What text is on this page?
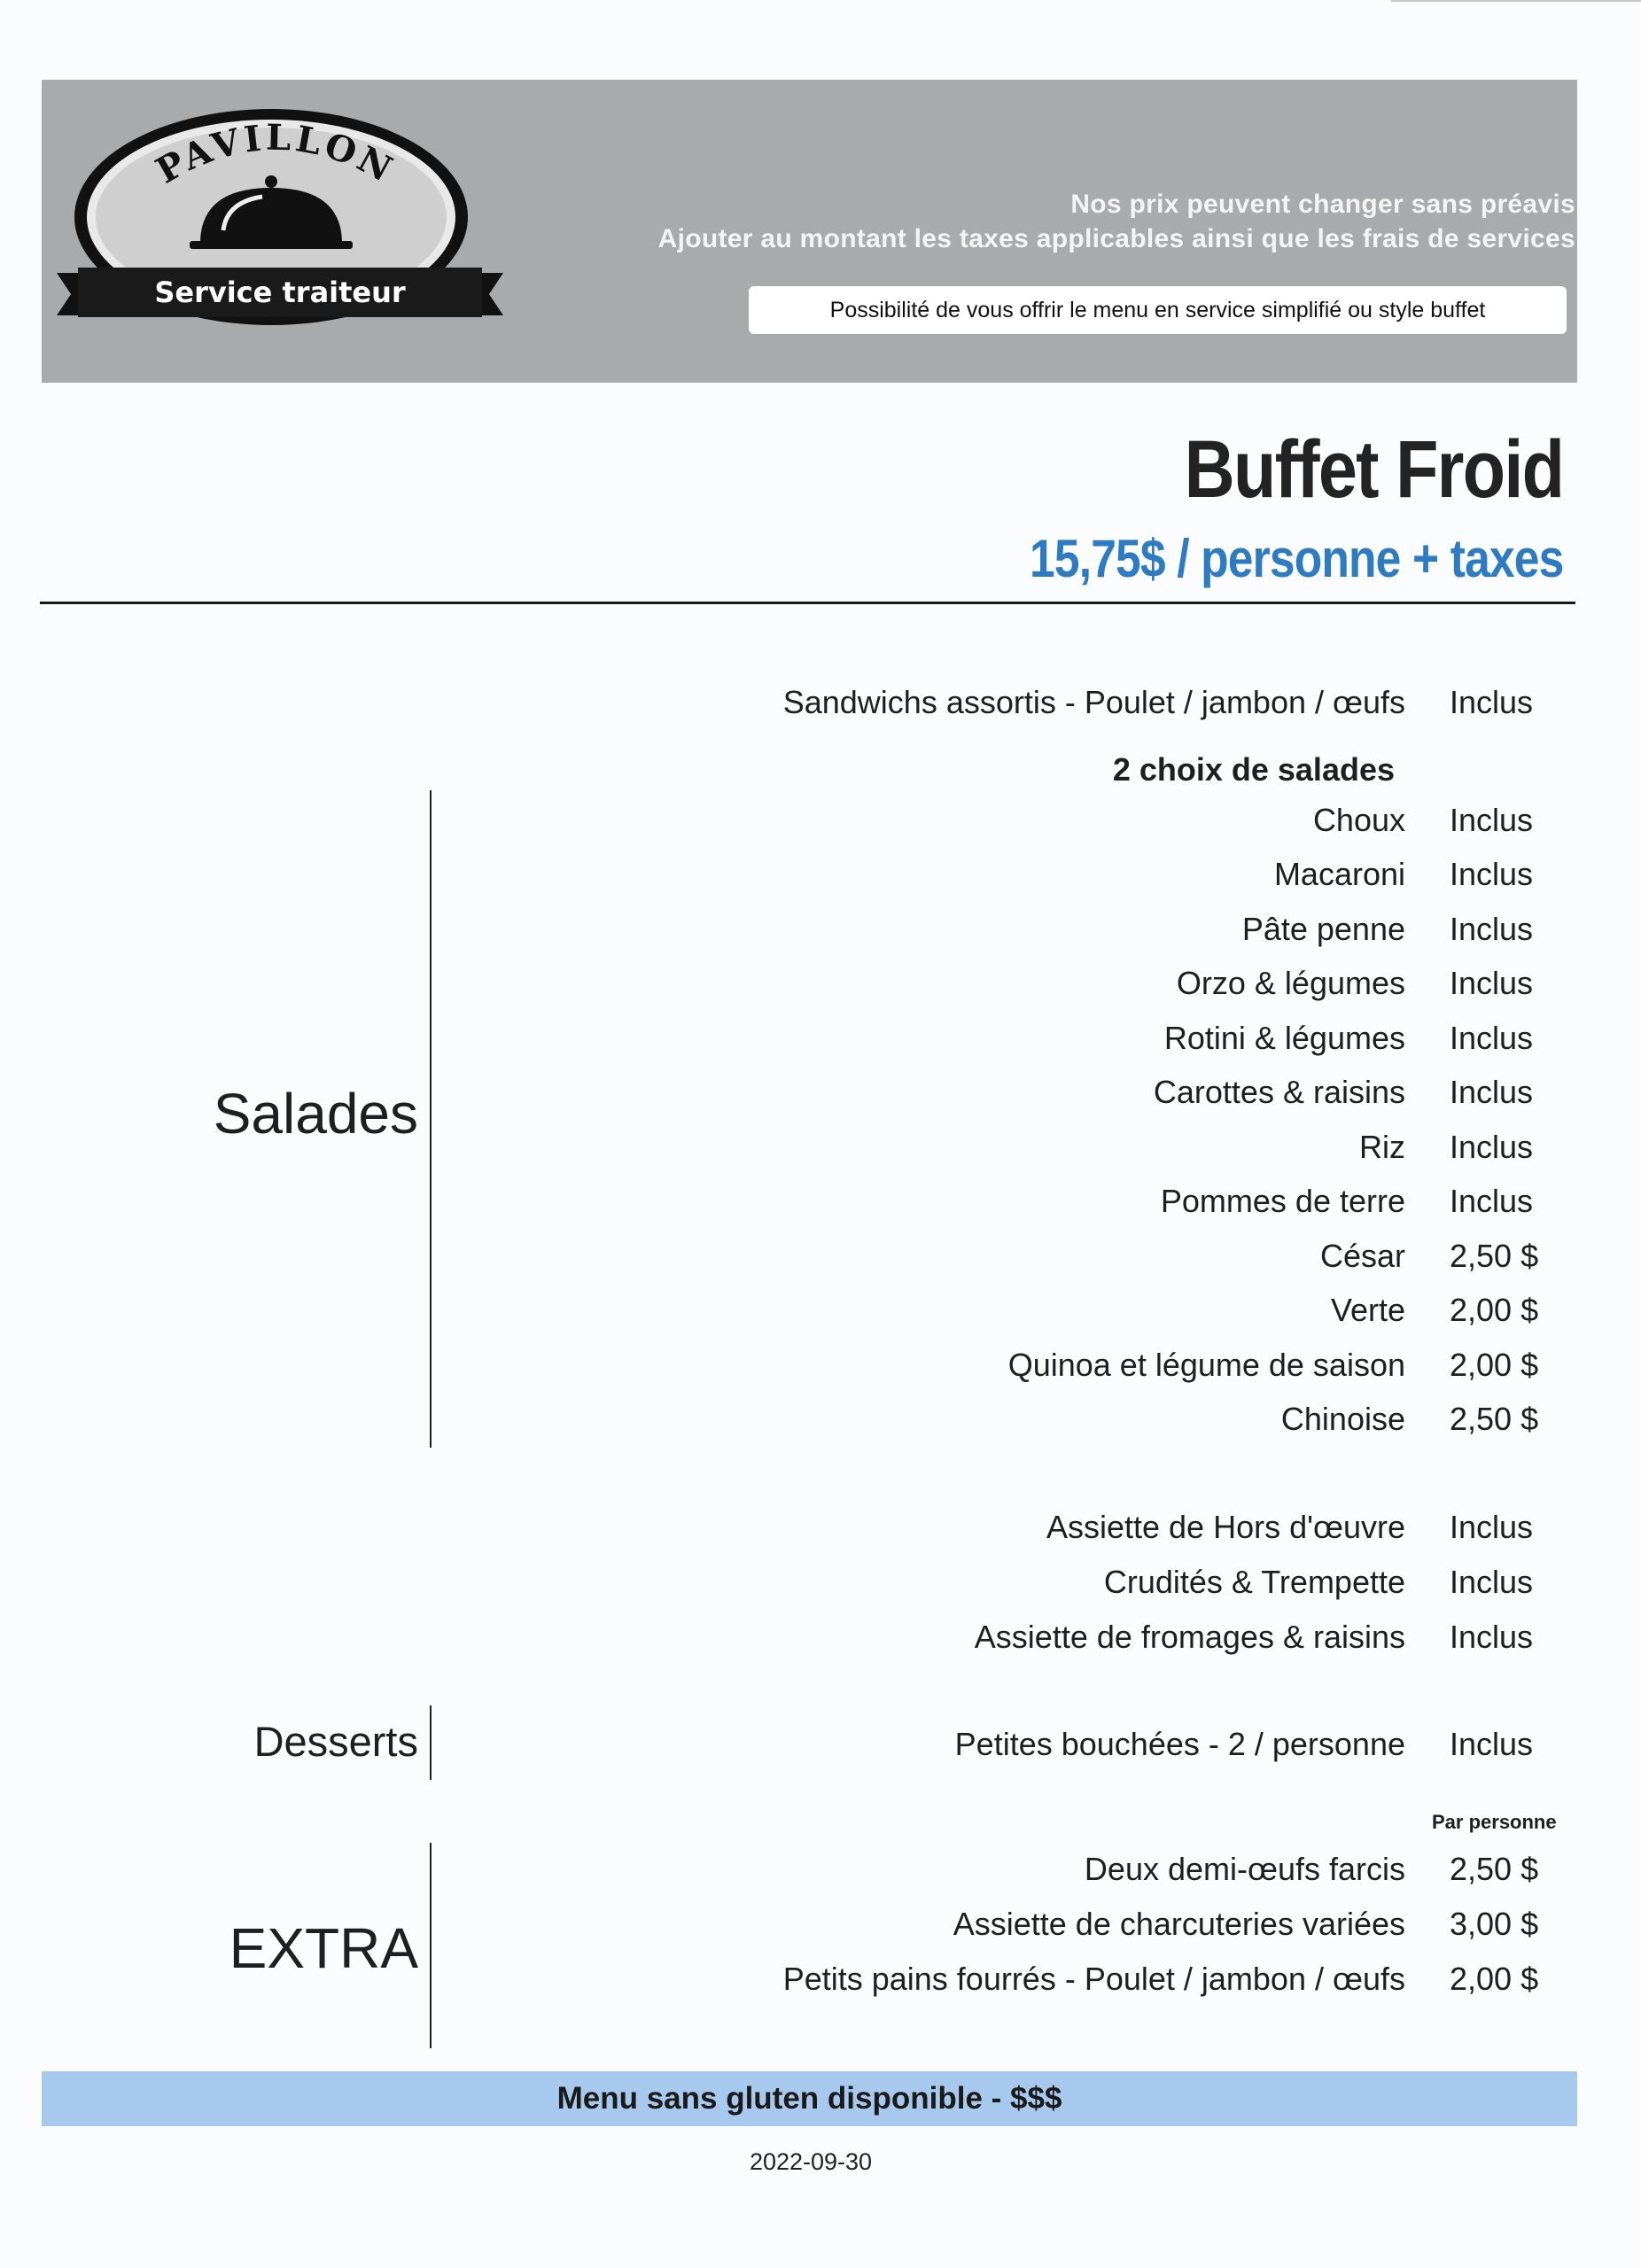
PAVILLON
Service traiteur
Nos prix peuvent changer sans préavis
Ajouter au montant les taxes applicables ainsi que les frais de services
Possibilité de vous offrir le menu en service simplifié ou style buffet
Buffet Froid
15,75$ / personne + taxes
Sandwichs assortis - Poulet / jambon / œufs Inclus
2 choix de salades
Salades
Choux Inclus
Macaroni Inclus
Pâte penne Inclus
Orzo & légumes Inclus
Rotini & légumes Inclus
Carottes & raisins Inclus
Riz Inclus
Pommes de terre Inclus
César 2,50 $
Verte 2,00 $
Quinoa et légume de saison 2,00 $
Chinoise 2,50 $
Assiette de Hors d'œuvre Inclus
Crudités & Trempette Inclus
Assiette de fromages & raisins Inclus
Desserts	Petites bouchées - 2 / personne Inclus
Par personne
EXTRA
Deux demi-œufs farcis 2,50 $
Assiette de charcuteries variées 3,00 $
Petits pains fourrés - Poulet / jambon / œufs 2,00 $
Menu sans gluten disponible - $$$
2022-09-30
